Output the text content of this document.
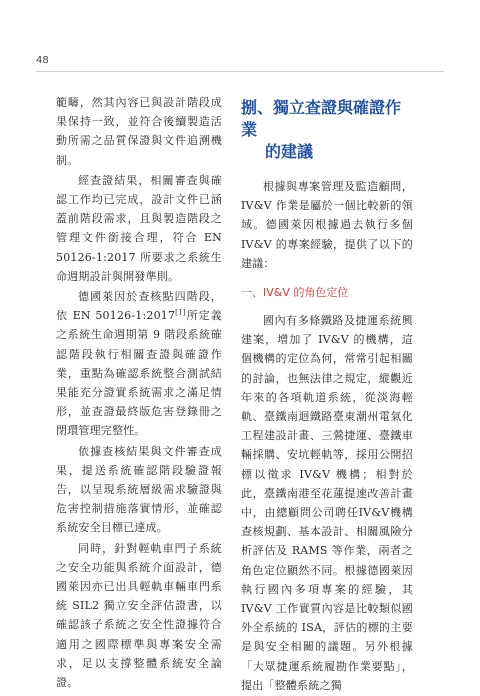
48

範疇，然其內容已與設計階段成果保持一致，並符合後續製造活動所需之品質保證與文件追溯機制。

經查證結果，相關審查與確認工作均已完成，設計文件已涵蓋前階段需求，且與製造階段之管理文件銜接合理，符合 EN 50126-1:2017 所要求之系統生命週期設計與開發準則。

德國萊因於查核點四階段，依 EN 50126-1:2017[1]所定義之系統生命週期第 9 階段系統確認階段執行相關查證與確證作業，重點為確認系統整合測試結果能充分證實系統需求之滿足情形，並查證最終版危害登錄冊之閉環管理完整性。

依據查核結果與文件審查成果，提送系統確認階段驗證報告，以呈現系統層級需求驗證與危害控制措施落實情形，並確認系統安全目標已達成。

同時，針對輕軌車門子系統之安全功能與系統介面設計，德國萊因亦已出具輕軌車輛車門系統 SIL2 獨立安全評估證書，以確認該子系統之安全性證據符合適用之國際標準與專案安全需求，足以支撐整體系統安全論證。

捌、獨立查證與確證作業
的建議

根據與專案管理及監造顧問，IV&V 作業是屬於一個比較新的領域。德國萊因根據過去執行多個 IV&V 的專案經驗，提供了以下的建議：

一、IV&V 的角色定位

國內有多條鐵路及捷運系統興建案，增加了 IV&V 的機構，這個機構的定位為何，常常引起相關的討論，也無法律之規定，縱觀近年來的各項軌道系統，從淡海輕軌、臺鐵南迴鐵路臺東潮州電氣化工程建設計畫、三鶯捷運、臺鐵車輛採購、安坑輕軌等，採用公開招標以徵求 IV&V 機構；相對於此，臺鐵南港至花蓮提速改善計畫中，由總顧問公司聘任IV&V機構查核規劃、基本設計、相關風險分析評估及 RAMS 等作業，兩者之角色定位顯然不同。根據德國萊因執行國內多項專案的經驗，其 IV&V 工作實質內容是比較類似國外全系統的 ISA，評估的標的主要是與安全相關的議題。另外根據「大眾捷運系統履勘作業要點」，提出「整體系統之獨
